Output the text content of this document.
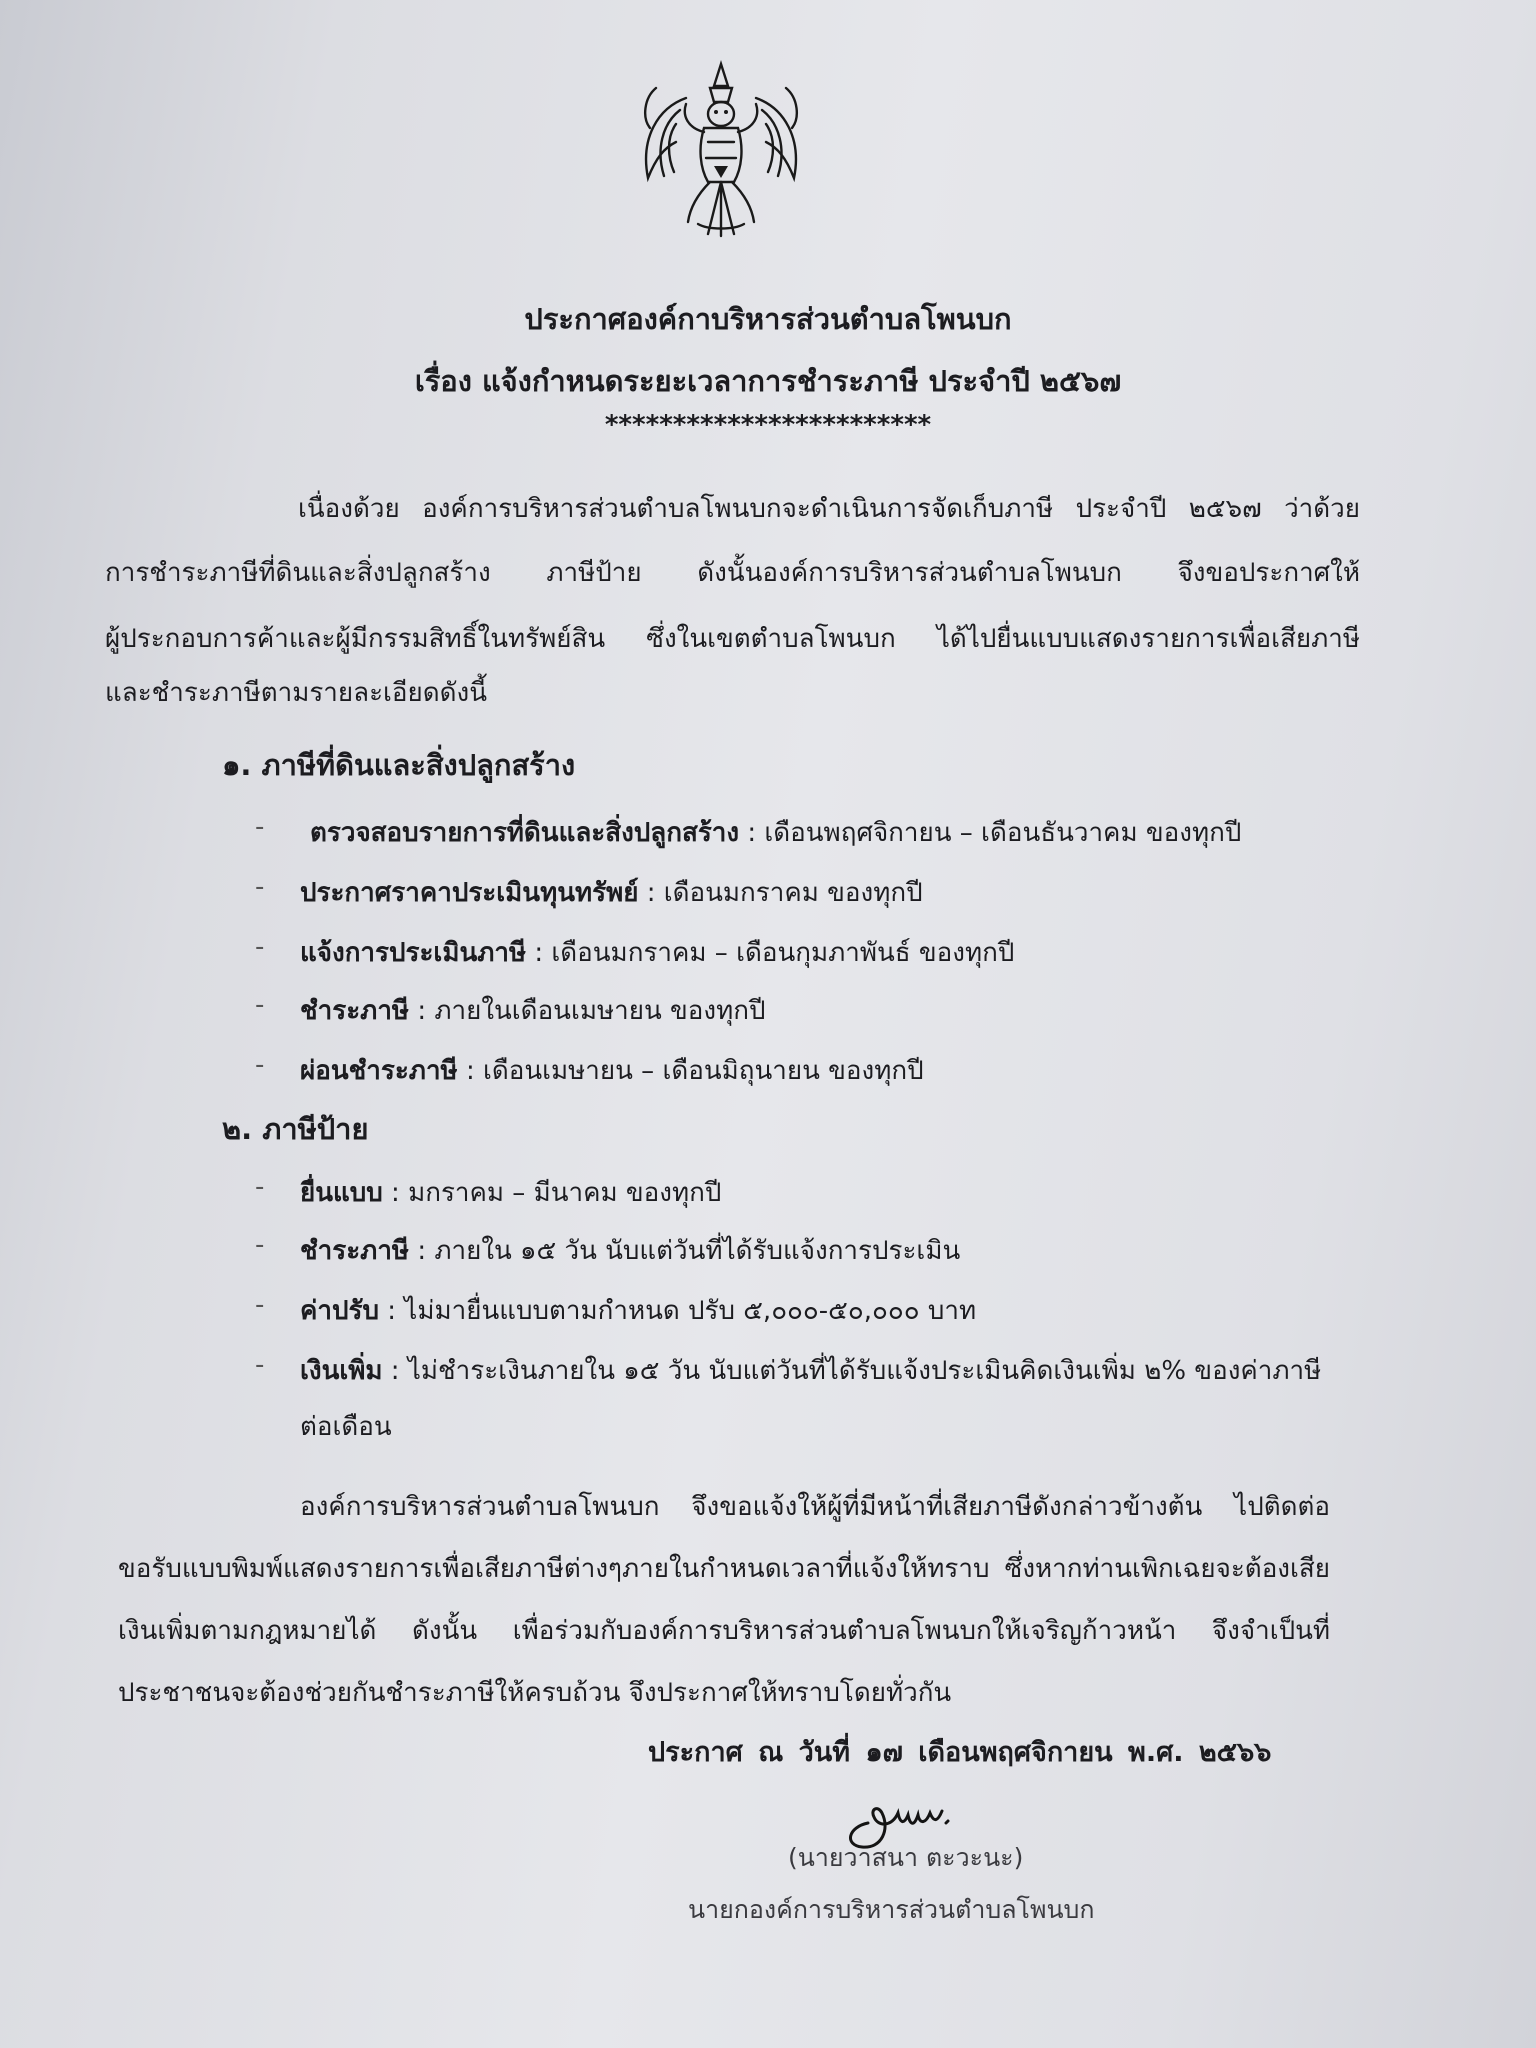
ประกาศองค์กาบริหารส่วนตำบลโพนบก
เรื่อง แจ้งกำหนดระยะเวลาการชำระภาษี ประจำปี ๒๕๖๗
************************
เนื่องด้วย องค์การบริหารส่วนตำบลโพนบกจะดำเนินการจัดเก็บภาษี ประจำปี ๒๕๖๗ ว่าด้วย
การชำระภาษีที่ดินและสิ่งปลูกสร้าง ภาษีป้าย ดังนั้นองค์การบริหารส่วนตำบลโพนบก จึงขอประกาศให้
ผู้ประกอบการค้าและผู้มีกรรมสิทธิ์ในทรัพย์สิน ซึ่งในเขตตำบลโพนบก ได้ไปยื่นแบบแสดงรายการเพื่อเสียภาษี
และชำระภาษีตามรายละเอียดดังนี้
๑. ภาษีที่ดินและสิ่งปลูกสร้าง
- ตรวจสอบรายการที่ดินและสิ่งปลูกสร้าง : เดือนพฤศจิกายน – เดือนธันวาคม ของทุกปี
- ประกาศราคาประเมินทุนทรัพย์ : เดือนมกราคม ของทุกปี
- แจ้งการประเมินภาษี : เดือนมกราคม – เดือนกุมภาพันธ์ ของทุกปี
- ชำระภาษี : ภายในเดือนเมษายน ของทุกปี
- ผ่อนชำระภาษี : เดือนเมษายน – เดือนมิถุนายน ของทุกปี
๒. ภาษีป้าย
- ยื่นแบบ : มกราคม – มีนาคม ของทุกปี
- ชำระภาษี : ภายใน ๑๕ วัน นับแต่วันที่ได้รับแจ้งการประเมิน
- ค่าปรับ : ไม่มายื่นแบบตามกำหนด ปรับ ๕,๐๐๐-๕๐,๐๐๐ บาท
- เงินเพิ่ม : ไม่ชำระเงินภายใน ๑๕ วัน นับแต่วันที่ได้รับแจ้งประเมินคิดเงินเพิ่ม ๒% ของค่าภาษี
ต่อเดือน
องค์การบริหารส่วนตำบลโพนบก จึงขอแจ้งให้ผู้ที่มีหน้าที่เสียภาษีดังกล่าวข้างต้น ไปติดต่อ
ขอรับแบบพิมพ์แสดงรายการเพื่อเสียภาษีต่างๆภายในกำหนดเวลาที่แจ้งให้ทราบ ซึ่งหากท่านเพิกเฉยจะต้องเสีย
เงินเพิ่มตามกฎหมายได้ ดังนั้น เพื่อร่วมกับองค์การบริหารส่วนตำบลโพนบกให้เจริญก้าวหน้า จึงจำเป็นที่
ประชาชนจะต้องช่วยกันชำระภาษีให้ครบถ้วน จึงประกาศให้ทราบโดยทั่วกัน
ประกาศ ณ วันที่ ๑๗ เดือนพฤศจิกายน พ.ศ. ๒๕๖๖
(นายวาสนา ตะวะนะ)
นายกองค์การบริหารส่วนตำบลโพนบก
